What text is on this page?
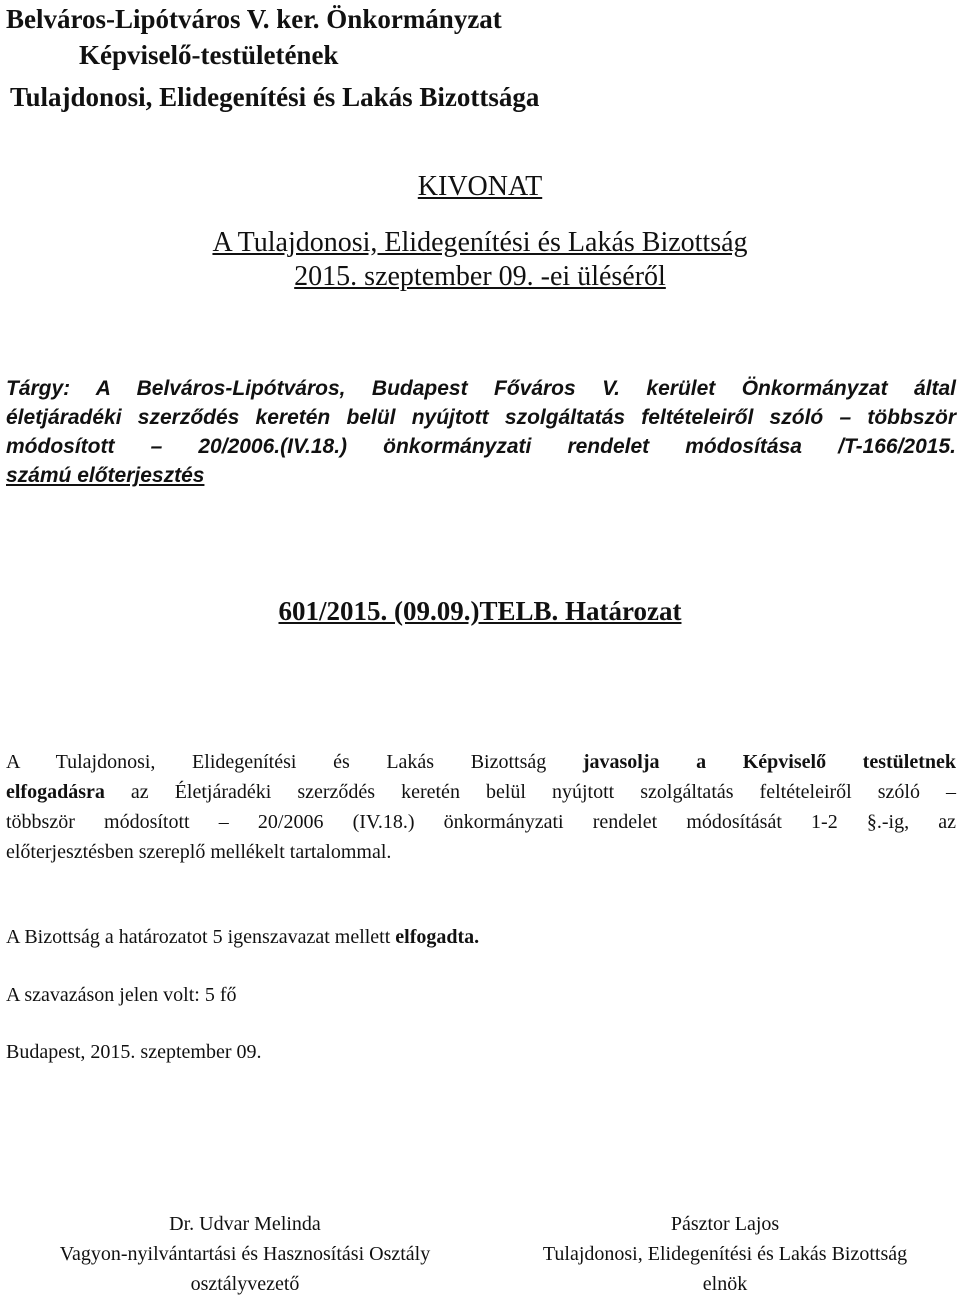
Belváros-Lipótváros V. ker. Önkormányzat

Képviselő-testületének

Tulajdonosi, Elidegenítési és Lakás Bizottsága

KIVONAT

A Tulajdonosi, Elidegenítési és Lakás Bizottság

2015. szeptember 09. -ei üléséről

Tárgy: A Belváros-Lipótváros, Budapest Főváros V. kerület Önkormányzat által
életjáradéki szerződés keretén belül nyújtott szolgáltatás feltételeiről szóló – többször
módosított – 20/2006.(IV.18.) önkormányzati rendelet módosítása /T-166/2015.
számú előterjesztés

601/2015. (09.09.)TELB. Határozat

A Tulajdonosi, Elidegenítési és Lakás Bizottság javasolja a Képviselő testületnek
elfogadásra az Életjáradéki szerződés keretén belül nyújtott szolgáltatás feltételeiről szóló –
többször módosított – 20/2006 (IV.18.) önkormányzati rendelet módosítását 1-2 §.-ig, az
előterjesztésben szereplő mellékelt tartalommal.

A Bizottság a határozatot 5 igenszavazat mellett elfogadta.

A szavazáson jelen volt: 5 fő

Budapest, 2015. szeptember 09.

Dr. Udvar Melinda
Vagyon-nyilvántartási és Hasznosítási Osztály
osztályvezető
Pásztor Lajos
Tulajdonosi, Elidegenítési és Lakás Bizottság
elnök
